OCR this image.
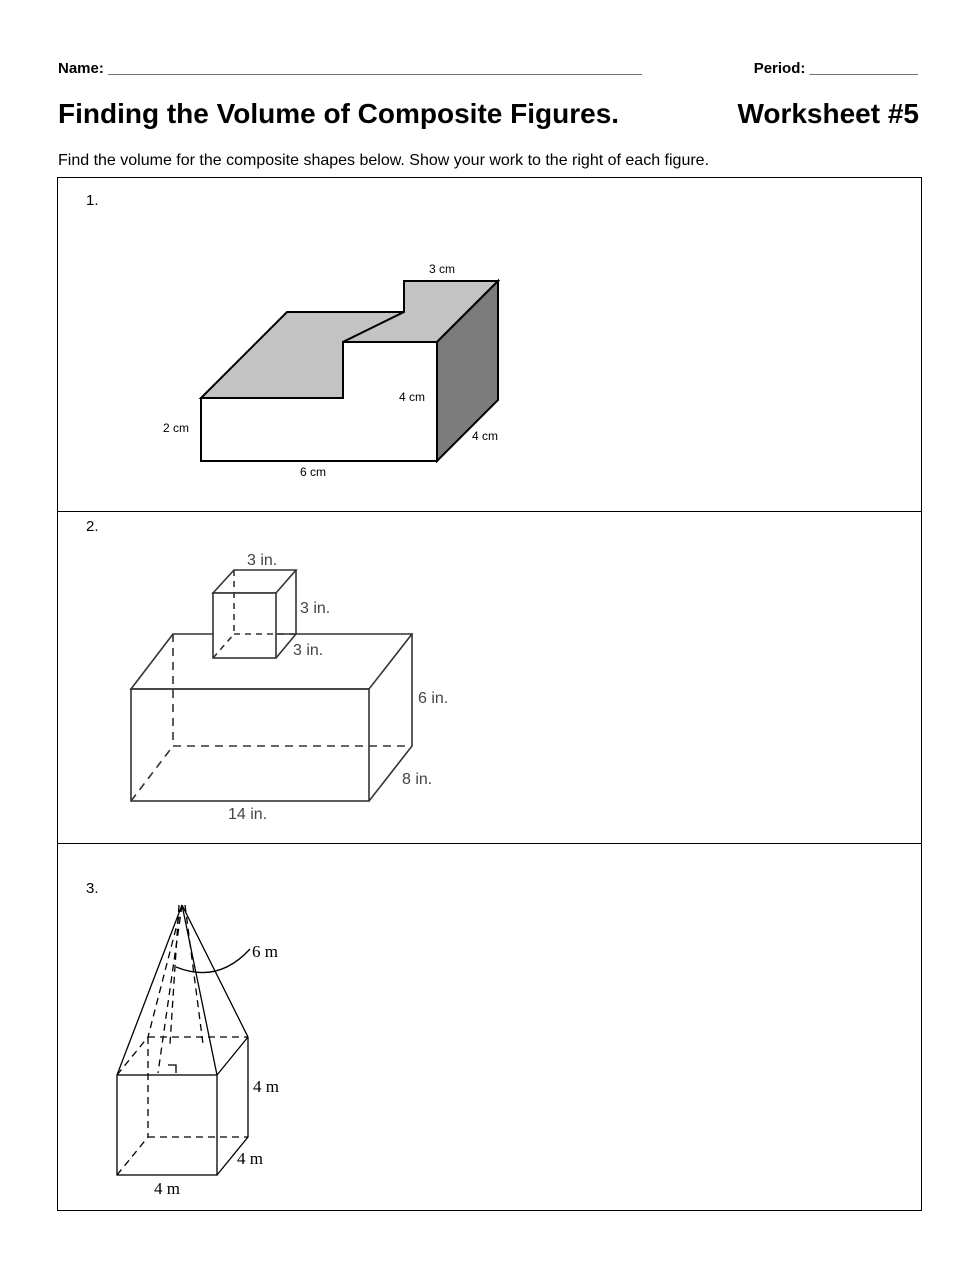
Name: ________________________________________________________________	Period: _____________
Finding the Volume of Composite Figures.	Worksheet #5
Find the volume for the composite shapes below. Show your work to the right of each figure.
1.
3 cm
4 cm
2 cm
4 cm
6 cm
2.
3 in.
3 in.
3 in.
6 in.
8 in.
14 in.
3.
6 m
4 m
4 m
4 m
